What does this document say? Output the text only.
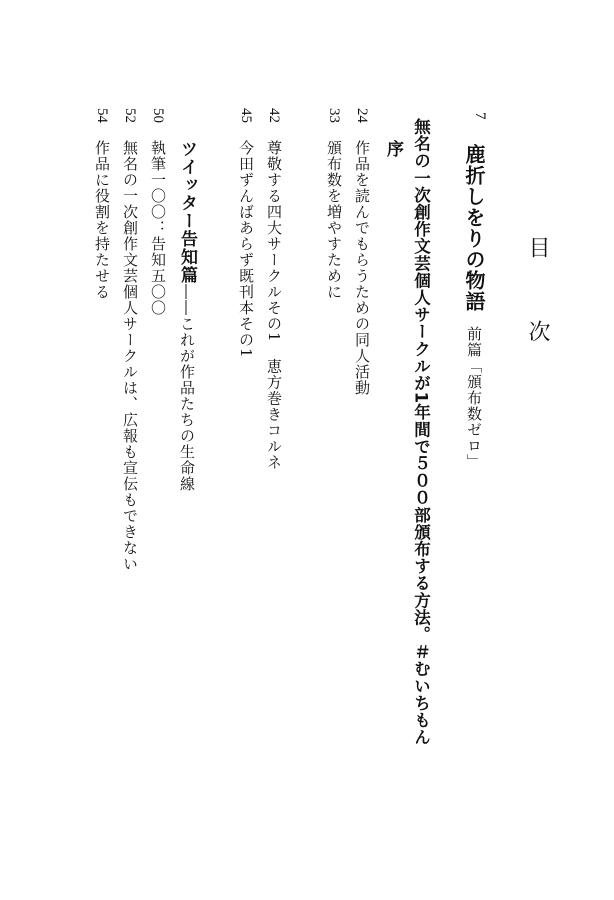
目　次
7
鹿折しをりの物語前篇「頒布数ゼロ」
無名の一次創作文芸個人サークルが1年間で５００部頒布する方法。＃むいちもん
序
24
作品を読んでもらうための同人活動
33
頒布数を増やすために
42
尊敬する四大サークルその1　恵方巻きコルネ
45
今田ずんばあらず既刊本その1
ツイッター告知篇――これが作品たちの生命線
50
執筆一〇〇：告知五〇〇
52
無名の一次創作文芸個人サークルは、広報も宣伝もできない
54
作品に役割を持たせる
